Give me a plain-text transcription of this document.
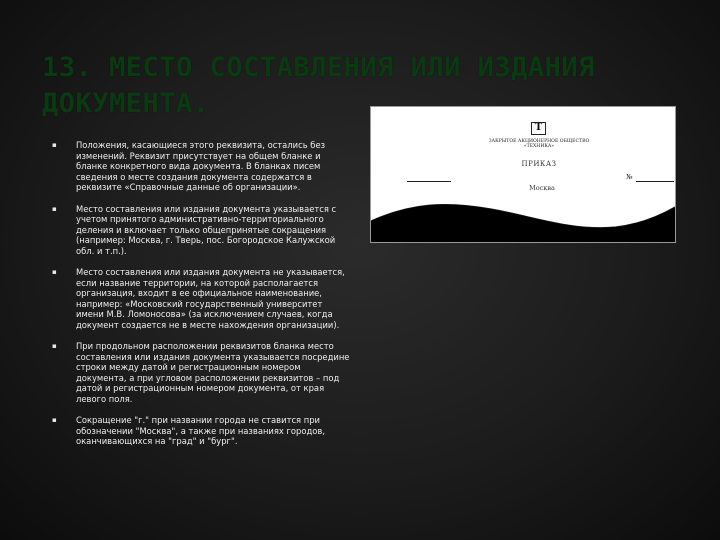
13. МЕСТО СОСТАВЛЕНИЯ ИЛИ ИЗДАНИЯ ДОКУМЕНТА.
▪ Положения, касающиеся этого реквизита, остались без изменений. Реквизит присутствует на общем бланке и бланке конкретного вида документа. В бланках писем сведения о месте создания документа содержатся в реквизите «Справочные данные об организации».
▪ Место составления или издания документа указывается с учетом принятого административно-территориального деления и включает только общепринятые сокращения (например: Москва, г. Тверь, пос. Богородское Калужской обл. и т.п.).
▪ Место составления или издания документа не указывается, если название территории, на которой располагается организация, входит в ее официальное наименование, например: «Московский государственный университет имени М.В. Ломоносова» (за исключением случаев, когда документ создается не в месте нахождения организации).
▪ При продольном расположении реквизитов бланка место составления или издания документа указывается посредине строки между датой и регистрационным номером документа, а при угловом расположении реквизитов – под датой и регистрационным номером документа, от края левого поля.
▪ Сокращение "г." при названии города не ставится при обозначении "Москва", а также при названиях городов, оканчивающихся на "град" и "бург".
Т
ЗАКРЫТОЕ АКЦИОНЕРНОЕ ОБЩЕСТВО «ТЕХНИКА»
ПРИКАЗ
№
Москва
